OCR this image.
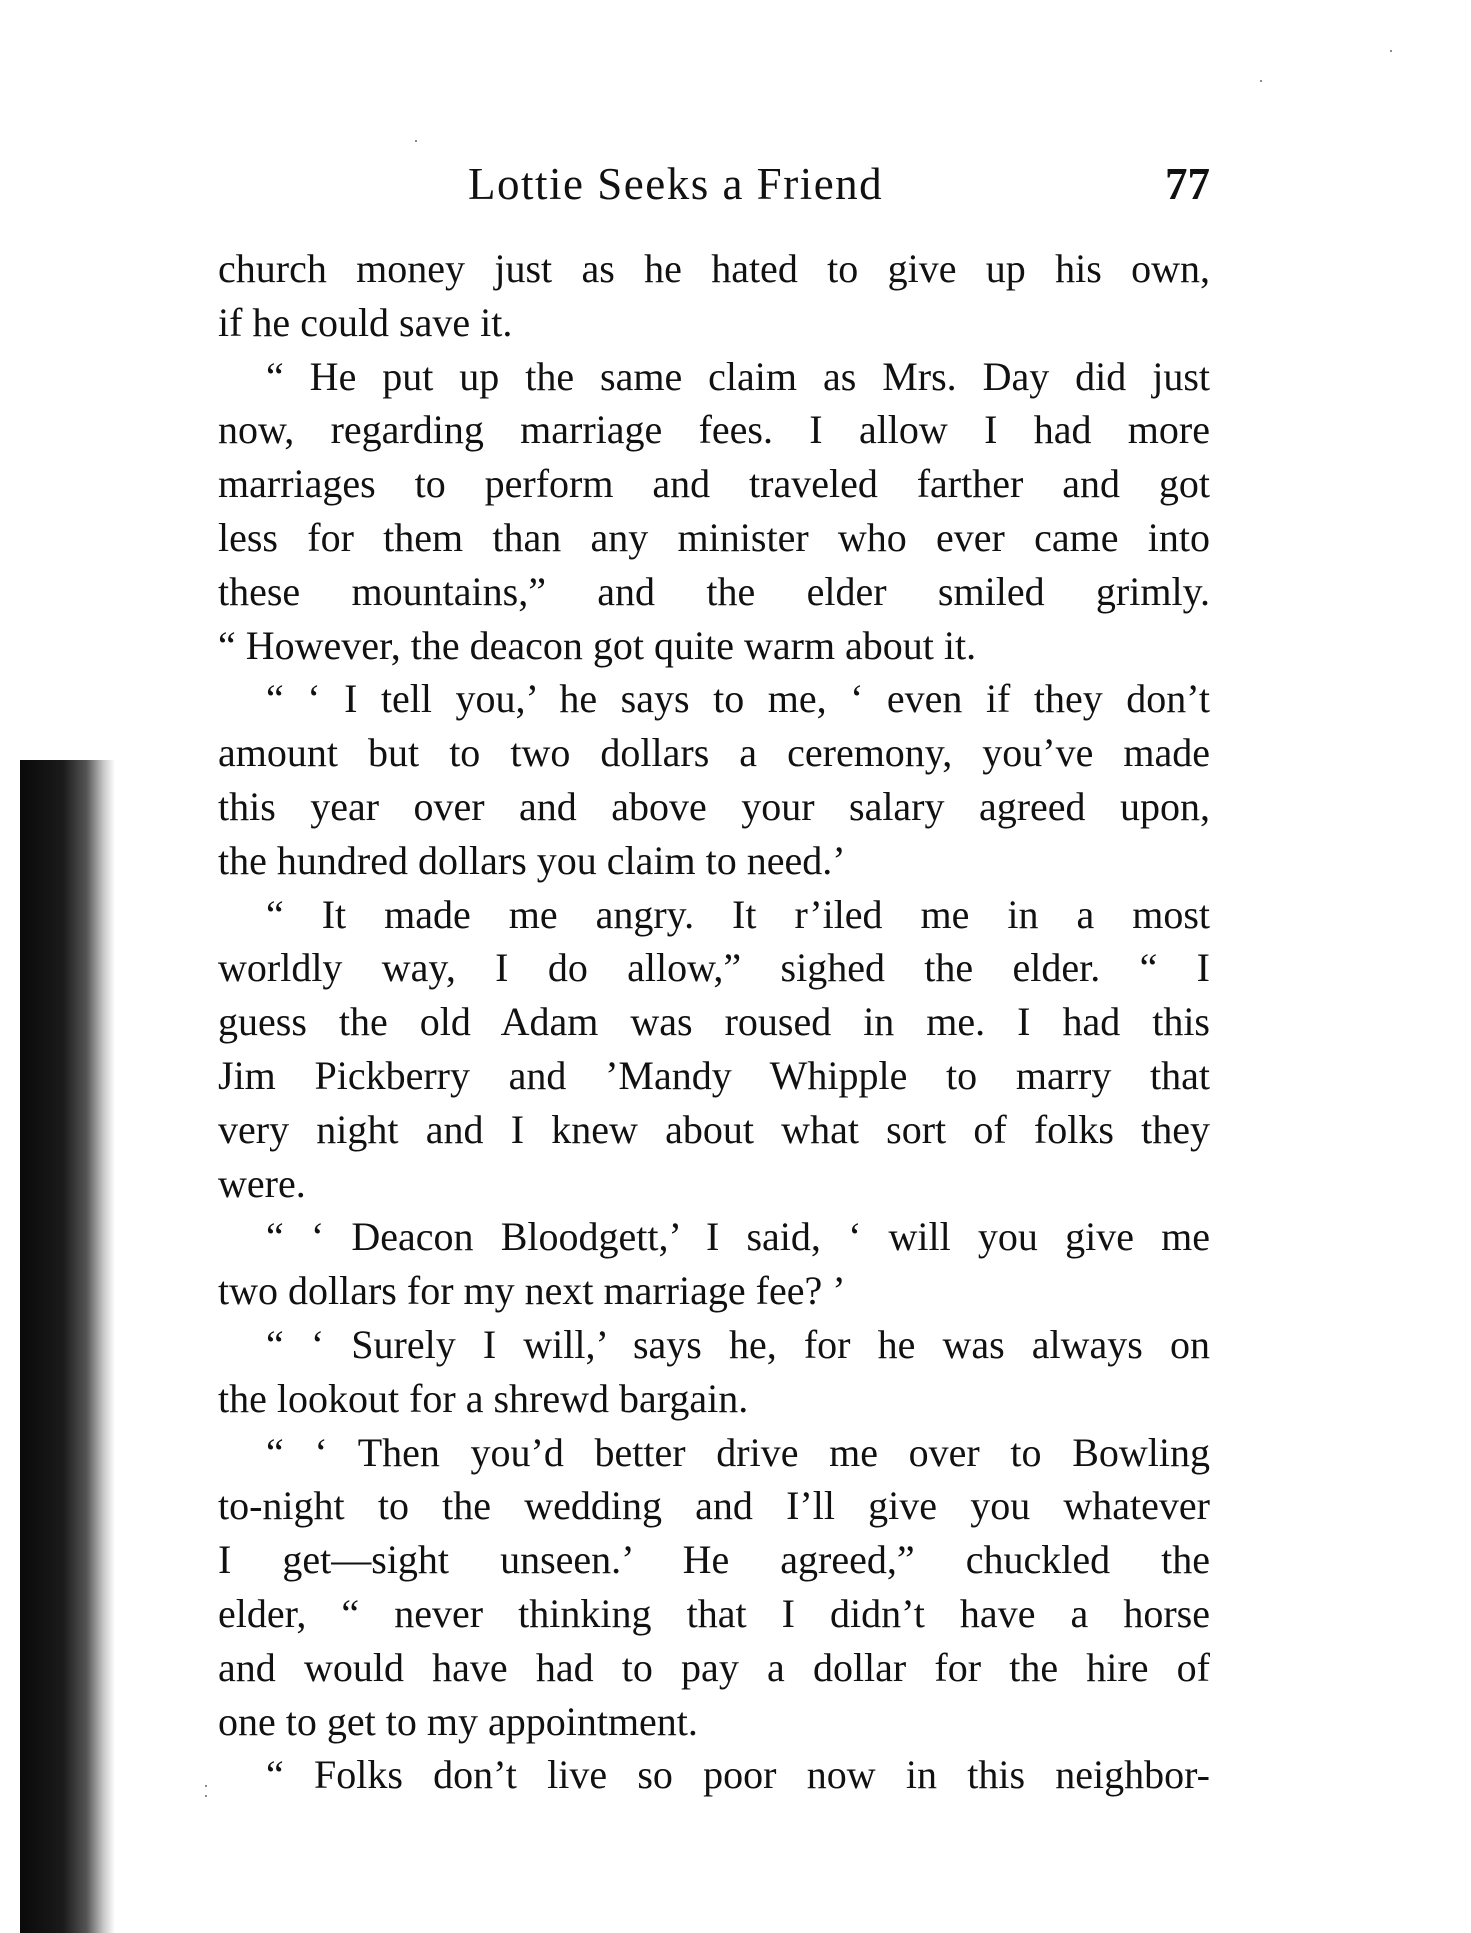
Lottie Seeks a Friend	77
church money just as he hated to give up his own,
if he could save it.
“ He put up the same claim as Mrs. Day did just
now, regarding marriage fees. I allow I had more
marriages to perform and traveled farther and got
less for them than any minister who ever came into
these mountains,” and the elder smiled grimly.
“ However, the deacon got quite warm about it.
“ ‘ I tell you,’ he says to me, ‘ even if they don’t
amount but to two dollars a ceremony, you’ve made
this year over and above your salary agreed upon,
the hundred dollars you claim to need.’
“ It made me angry. It r’iled me in a most
worldly way, I do allow,” sighed the elder. “ I
guess the old Adam was roused in me. I had this
Jim Pickberry and ’Mandy Whipple to marry that
very night and I knew about what sort of folks they
were.
“ ‘ Deacon Bloodgett,’ I said, ‘ will you give me
two dollars for my next marriage fee? ’
“ ‘ Surely I will,’ says he, for he was always on
the lookout for a shrewd bargain.
“ ‘ Then you’d better drive me over to Bowling
to-night to the wedding and I’ll give you whatever
I get—sight unseen.’ He agreed,” chuckled the
elder, “ never thinking that I didn’t have a horse
and would have had to pay a dollar for the hire of
one to get to my appointment.
“ Folks don’t live so poor now in this neighbor-
